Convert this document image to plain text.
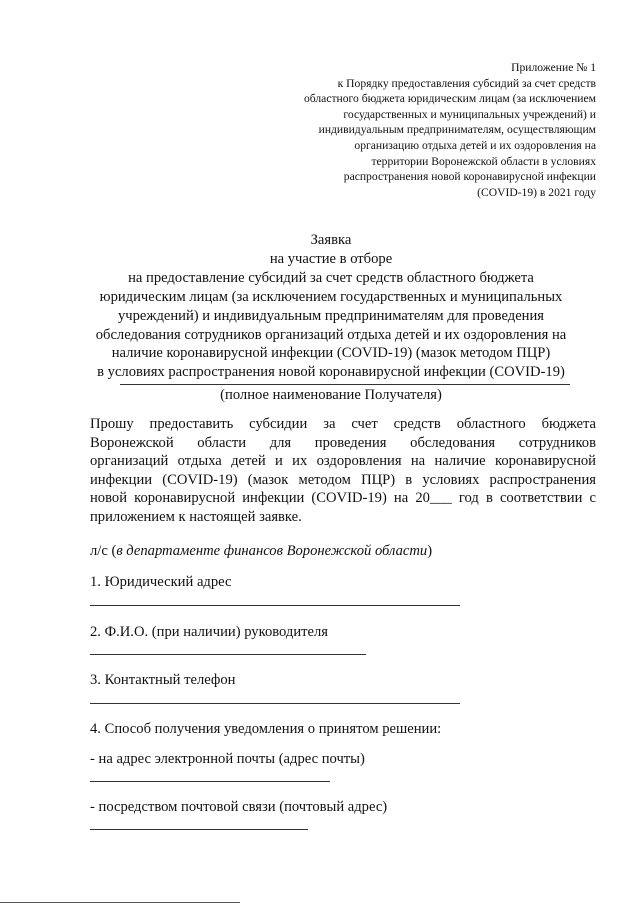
Приложение № 1
к Порядку предоставления субсидий за счет средств
областного бюджета юридическим лицам (за исключением
государственных и муниципальных учреждений) и
индивидуальным предпринимателям, осуществляющим
организацию отдыха детей и их оздоровления на
территории Воронежской области в условиях
распространения новой коронавирусной инфекции
(COVID-19) в 2021 году
Заявка
на участие в отборе
на предоставление субсидий за счет средств областного бюджета
юридическим лицам (за исключением государственных и муниципальных
учреждений) и индивидуальным предпринимателям для проведения
обследования сотрудников организаций отдыха детей и их оздоровления на
наличие коронавирусной инфекции (COVID-19) (мазок методом ПЦР)
в условиях распространения новой коронавирусной инфекции (COVID-19)
(полное наименование Получателя)
Прошу предоставить субсидии за счет средств областного бюджета
Воронежской области для проведения обследования сотрудников
организаций отдыха детей и их оздоровления на наличие коронавирусной
инфекции (COVID-19) (мазок методом ПЦР) в условиях распространения
новой коронавирусной инфекции (COVID-19) на 20___ год в соответствии с
приложением к настоящей заявке.
л/с (в департаменте финансов Воронежской области)
1. Юридический адрес
2. Ф.И.О. (при наличии) руководителя
3. Контактный телефон
4. Способ получения уведомления о принятом решении:
- на адрес электронной почты (адрес почты)
- посредством почтовой связи (почтовый адрес)
